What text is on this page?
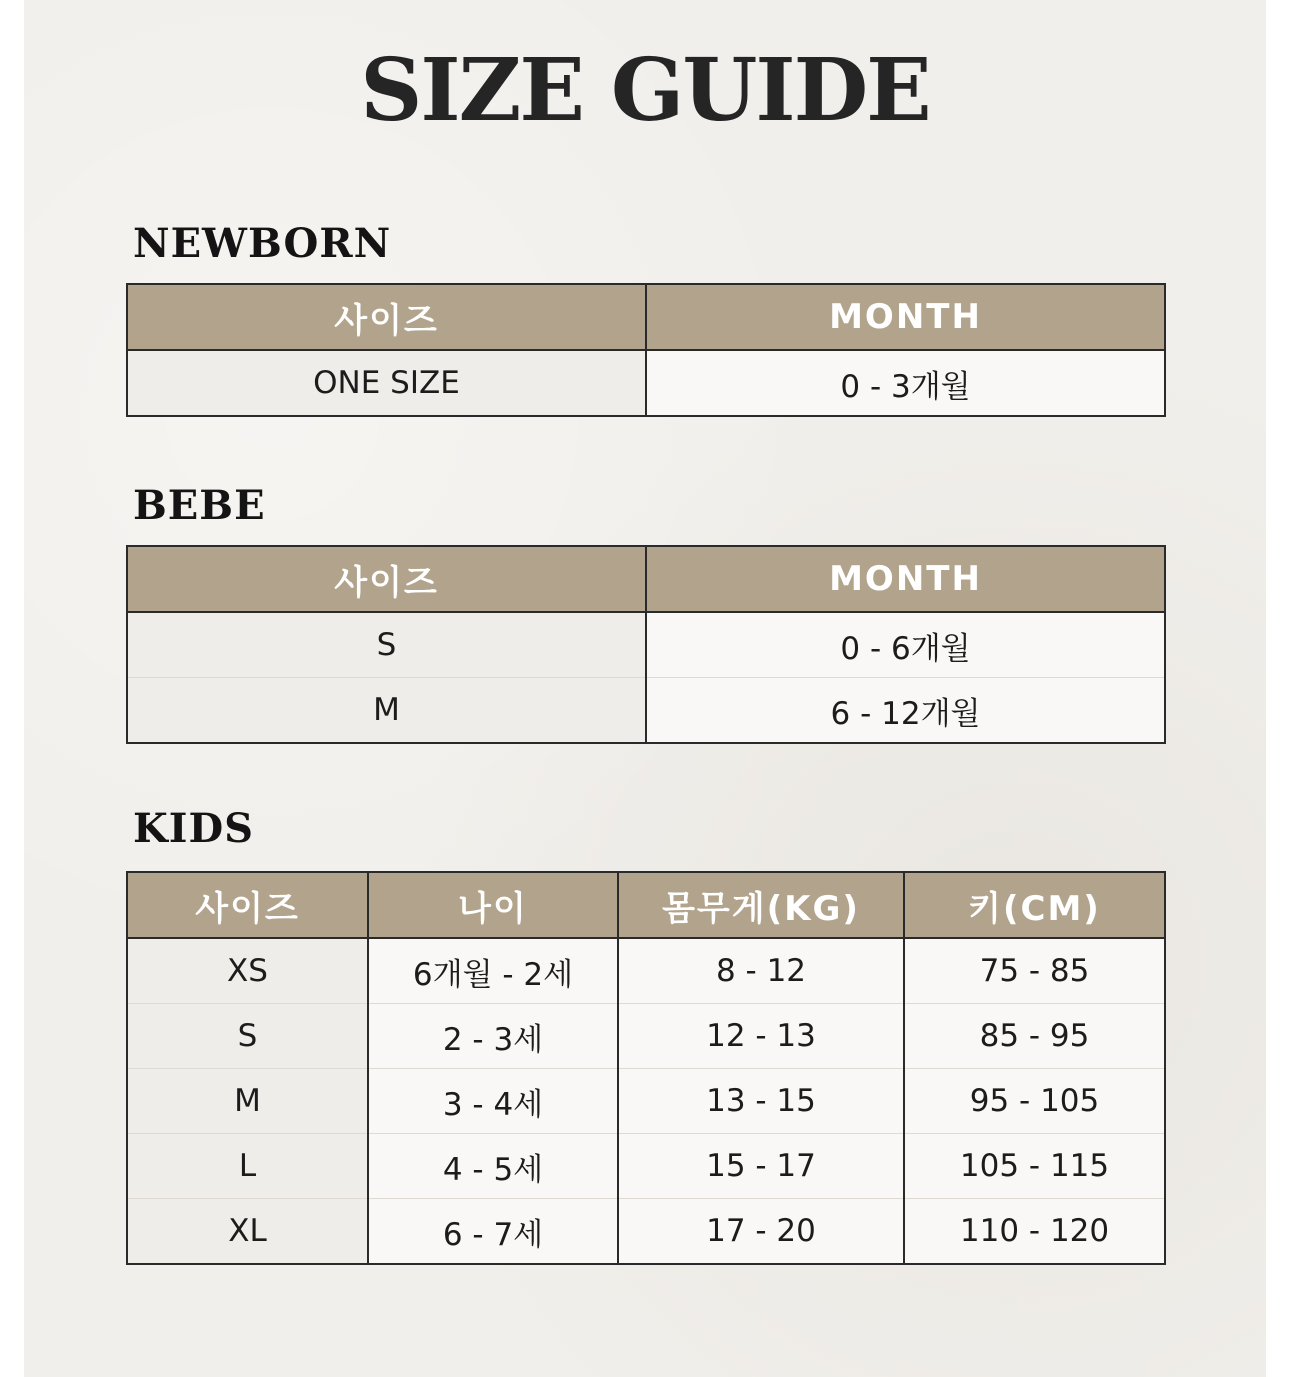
SIZE GUIDE
NEWBORN
사이즈	MONTH
ONE SIZE	0 - 3개월
BEBE
사이즈	MONTH
S	0 - 6개월
M	6 - 12개월
KIDS
사이즈	나이	몸무게(KG)	키(CM)
XS	6개월 - 2세	8 - 12	75 - 85
S	2 - 3세	12 - 13	85 - 95
M	3 - 4세	13 - 15	95 - 105
L	4 - 5세	15 - 17	105 - 115
XL	6 - 7세	17 - 20	110 - 120
